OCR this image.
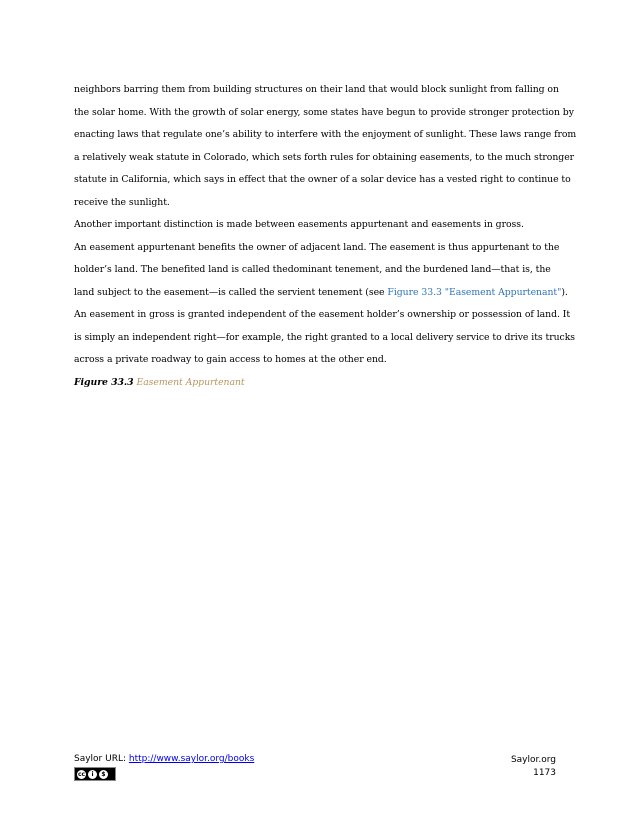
neighbors barring them from building structures on their land that would block sunlight from falling on
the solar home. With the growth of solar energy, some states have begun to provide stronger protection by
enacting laws that regulate one’s ability to interfere with the enjoyment of sunlight. These laws range from
a relatively weak statute in Colorado, which sets forth rules for obtaining easements, to the much stronger
statute in California, which says in effect that the owner of a solar device has a vested right to continue to
receive the sunlight.
Another important distinction is made between easements appurtenant and easements in gross.
An easement appurtenant benefits the owner of adjacent land. The easement is thus appurtenant to the
holder’s land. The benefited land is called thedominant tenement, and the burdened land—that is, the
land subject to the easement—is called the servient tenement (see Figure 33.3 "Easement Appurtenant").
An easement in gross is granted independent of the easement holder’s ownership or possession of land. It
is simply an independent right—for example, the right granted to a local delivery service to drive its trucks
across a private roadway to gain access to homes at the other end.
Figure 33.3 Easement Appurtenant
Saylor URL: http://www.saylor.org/books
cc	i	$
Saylor.org
1173
